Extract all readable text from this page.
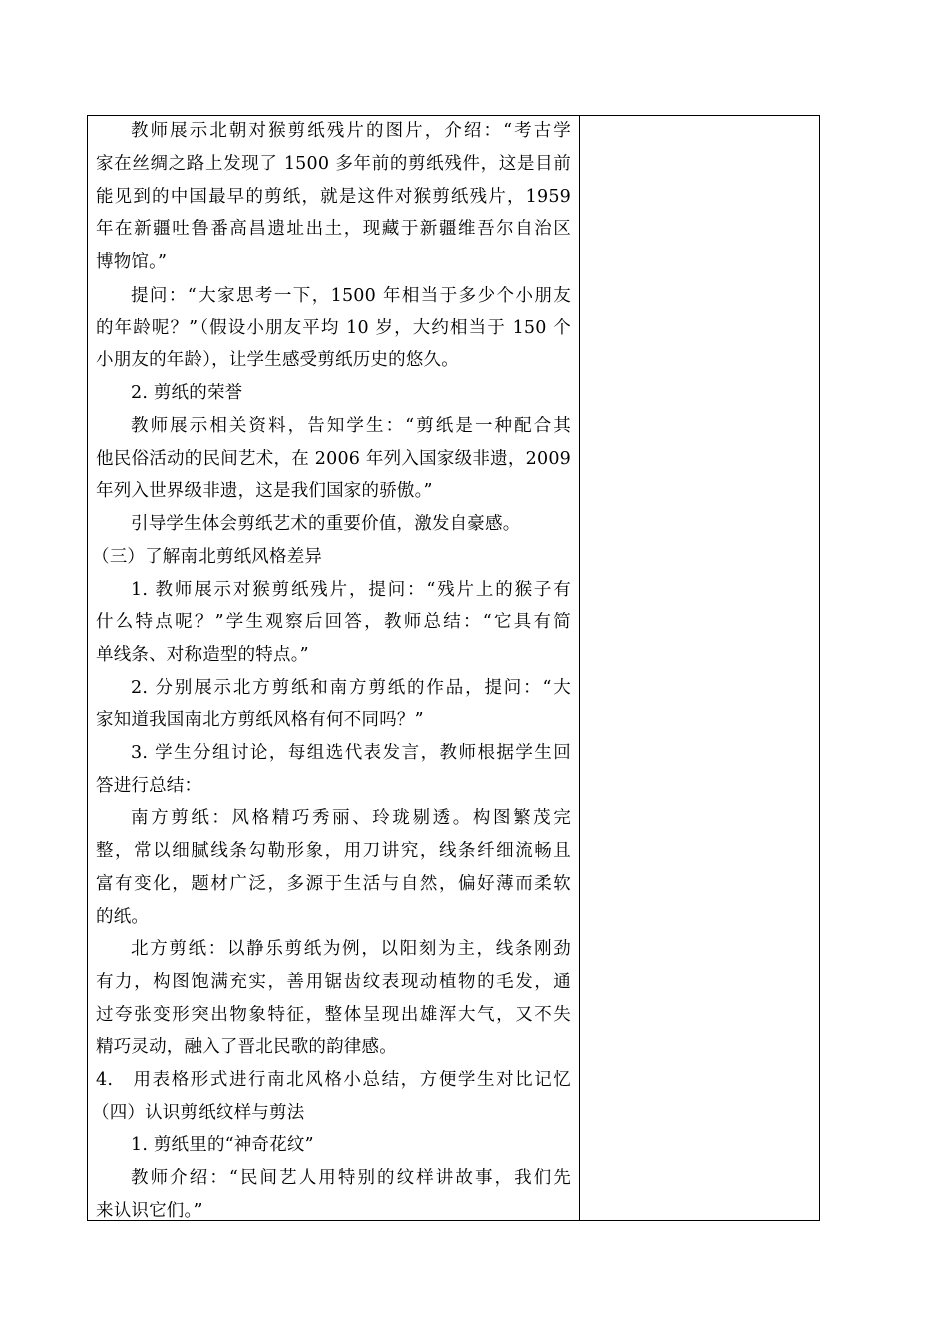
教师展示北朝对猴剪纸残片的图片，介绍：“考古学
家在丝绸之路上发现了 1500 多年前的剪纸残件，这是目前
能见到的中国最早的剪纸，就是这件对猴剪纸残片，1959
年在新疆吐鲁番高昌遗址出土，现藏于新疆维吾尔自治区
博物馆。”
提问：“大家思考一下，1500 年相当于多少个小朋友
的年龄呢？”（假设小朋友平均 10 岁，大约相当于 150 个
小朋友的年龄），让学生感受剪纸历史的悠久。
2. 剪纸的荣誉
教师展示相关资料，告知学生：“剪纸是一种配合其
他民俗活动的民间艺术，在 2006 年列入国家级非遗，2009
年列入世界级非遗，这是我们国家的骄傲。”
引导学生体会剪纸艺术的重要价值，激发自豪感。
（三）了解南北剪纸风格差异
1. 教师展示对猴剪纸残片，提问：“残片上的猴子有
什么特点呢？”学生观察后回答，教师总结：“它具有简
单线条、对称造型的特点。”
2. 分别展示北方剪纸和南方剪纸的作品，提问：“大
家知道我国南北方剪纸风格有何不同吗？”
3. 学生分组讨论，每组选代表发言，教师根据学生回
答进行总结：
南方剪纸：风格精巧秀丽、玲珑剔透。构图繁茂完
整，常以细腻线条勾勒形象，用刀讲究，线条纤细流畅且
富有变化，题材广泛，多源于生活与自然，偏好薄而柔软
的纸。
北方剪纸：以静乐剪纸为例，以阳刻为主，线条刚劲
有力，构图饱满充实，善用锯齿纹表现动植物的毛发，通
过夸张变形突出物象特征，整体呈现出雄浑大气，又不失
精巧灵动，融入了晋北民歌的韵律感。
4.　用表格形式进行南北风格小总结，方便学生对比记忆
（四）认识剪纸纹样与剪法
1. 剪纸里的“神奇花纹”
教师介绍：“民间艺人用特别的纹样讲故事，我们先
来认识它们。”
